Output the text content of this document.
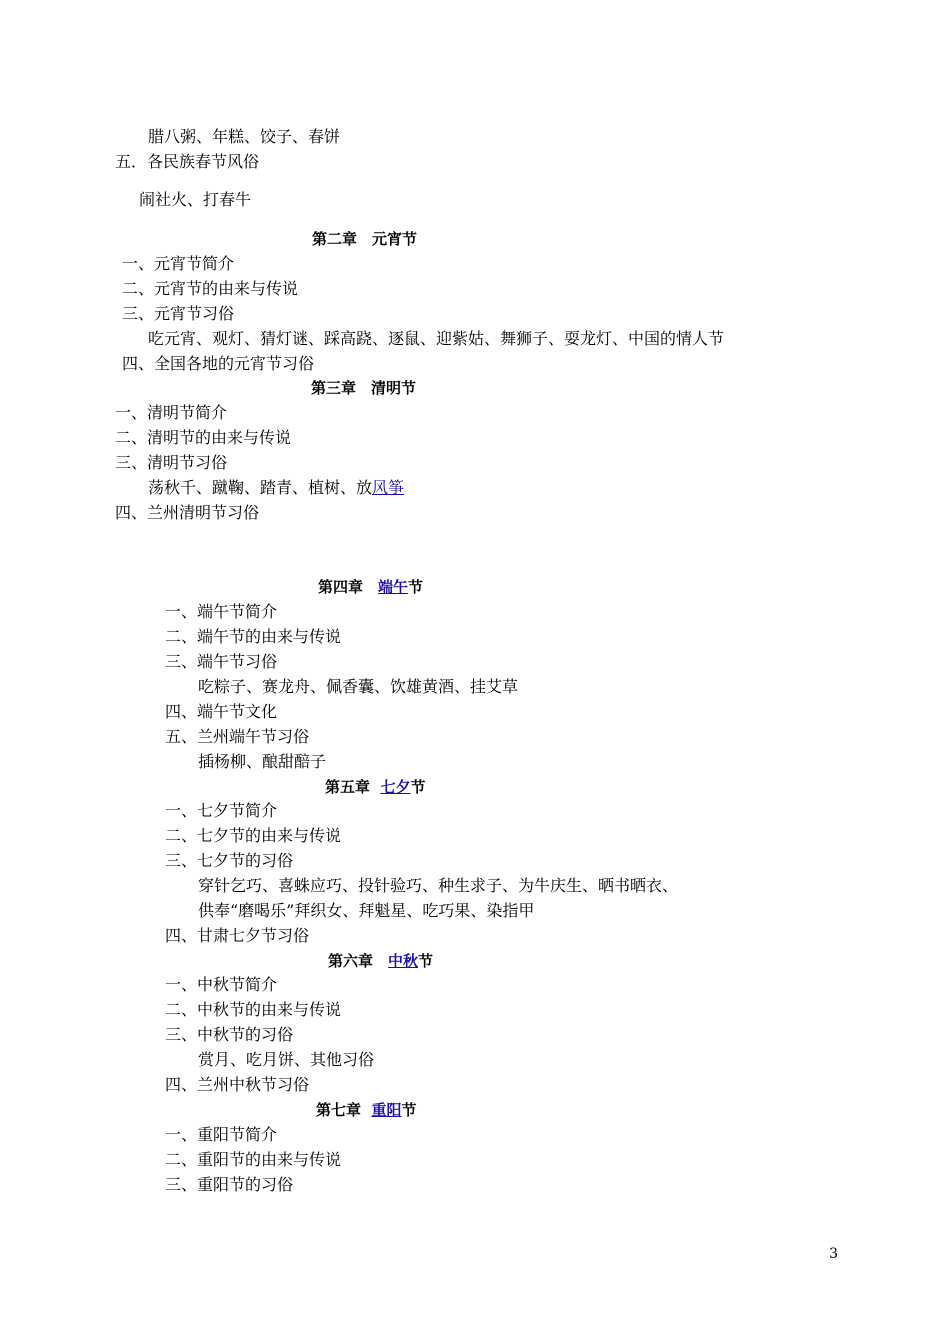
腊八粥、年糕、饺子、春饼
五．各民族春节风俗
闹社火、打春牛
第二章　元宵节
一、元宵节简介
二、元宵节的由来与传说
三、元宵节习俗
吃元宵、观灯、猜灯谜、踩高跷、逐鼠、迎紫姑、舞狮子、耍龙灯、中国的情人节
四、全国各地的元宵节习俗
第三章　清明节
一、清明节简介
二、清明节的由来与传说
三、清明节习俗
荡秋千、蹴鞠、踏青、植树、放风筝
四、兰州清明节习俗
第四章　端午节
一、端午节简介
二、端午节的由来与传说
三、端午节习俗
吃粽子、赛龙舟、佩香囊、饮雄黄酒、挂艾草
四、端午节文化
五、兰州端午节习俗
插杨柳、酿甜醅子
第五章 七夕节
一、七夕节简介
二、七夕节的由来与传说
三、七夕节的习俗
穿针乞巧、喜蛛应巧、投针验巧、种生求子、为牛庆生、晒书晒衣、
供奉“磨喝乐”拜织女、拜魁星、吃巧果、染指甲
四、甘肃七夕节习俗
第六章　中秋节
一、中秋节简介
二、中秋节的由来与传说
三、中秋节的习俗
赏月、吃月饼、其他习俗
四、兰州中秋节习俗
第七章 重阳节
一、重阳节简介
二、重阳节的由来与传说
三、重阳节的习俗
3
